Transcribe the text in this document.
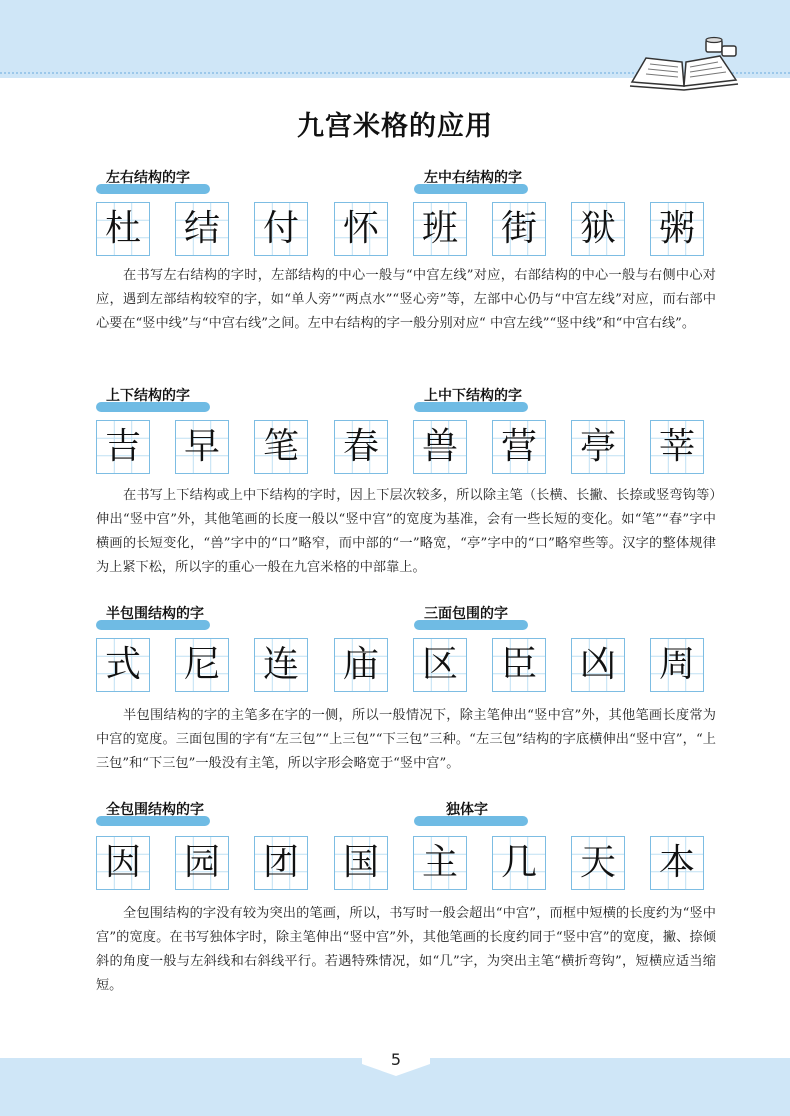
九宫米格的应用
左右结构的字	左中右结构的字
杜 结 付 怀 班 街 狱 粥
在书写左右结构的字时，左部结构的中心一般与“中宫左线”对应，右部结构的中心一般与右侧中心对应，遇到左部结构较窄的字，如“单人旁”“两点水”“竖心旁”等，左部中心仍与“中宫左线”对应，而右部中心要在“竖中线”与“中宫右线”之间。左中右结构的字一般分别对应“ 中宫左线”“竖中线”和“中宫右线”。
上下结构的字	上中下结构的字
吉 早 笔 春 兽 营 亭 莘
在书写上下结构或上中下结构的字时，因上下层次较多，所以除主笔（长横、长撇、长捺或竖弯钩等）伸出“竖中宫”外，其他笔画的长度一般以“竖中宫”的宽度为基准，会有一些长短的变化。如“笔”“春”字中横画的长短变化，“兽”字中的“口”略窄，而中部的“一”略宽，“亭”字中的“口”略窄些等。汉字的整体规律为上紧下松，所以字的重心一般在九宫米格的中部靠上。
半包围结构的字	三面包围的字
式 尼 连 庙 区 臣 凶 周
半包围结构的字的主笔多在字的一侧，所以一般情况下，除主笔伸出“竖中宫”外，其他笔画长度常为中宫的宽度。三面包围的字有“左三包”“上三包”“下三包”三种。“左三包”结构的字底横伸出“竖中宫”，“上三包”和“下三包”一般没有主笔，所以字形会略宽于“竖中宫”。
全包围结构的字	独体字
因 园 团 国 主 几 天 本
全包围结构的字没有较为突出的笔画，所以，书写时一般会超出“中宫”，而框中短横的长度约为“竖中宫”的宽度。在书写独体字时，除主笔伸出“竖中宫”外，其他笔画的长度约同于“竖中宫”的宽度，撇、捺倾斜的角度一般与左斜线和右斜线平行。若遇特殊情况，如“几”字，为突出主笔“横折弯钩”，短横应适当缩短。
5
